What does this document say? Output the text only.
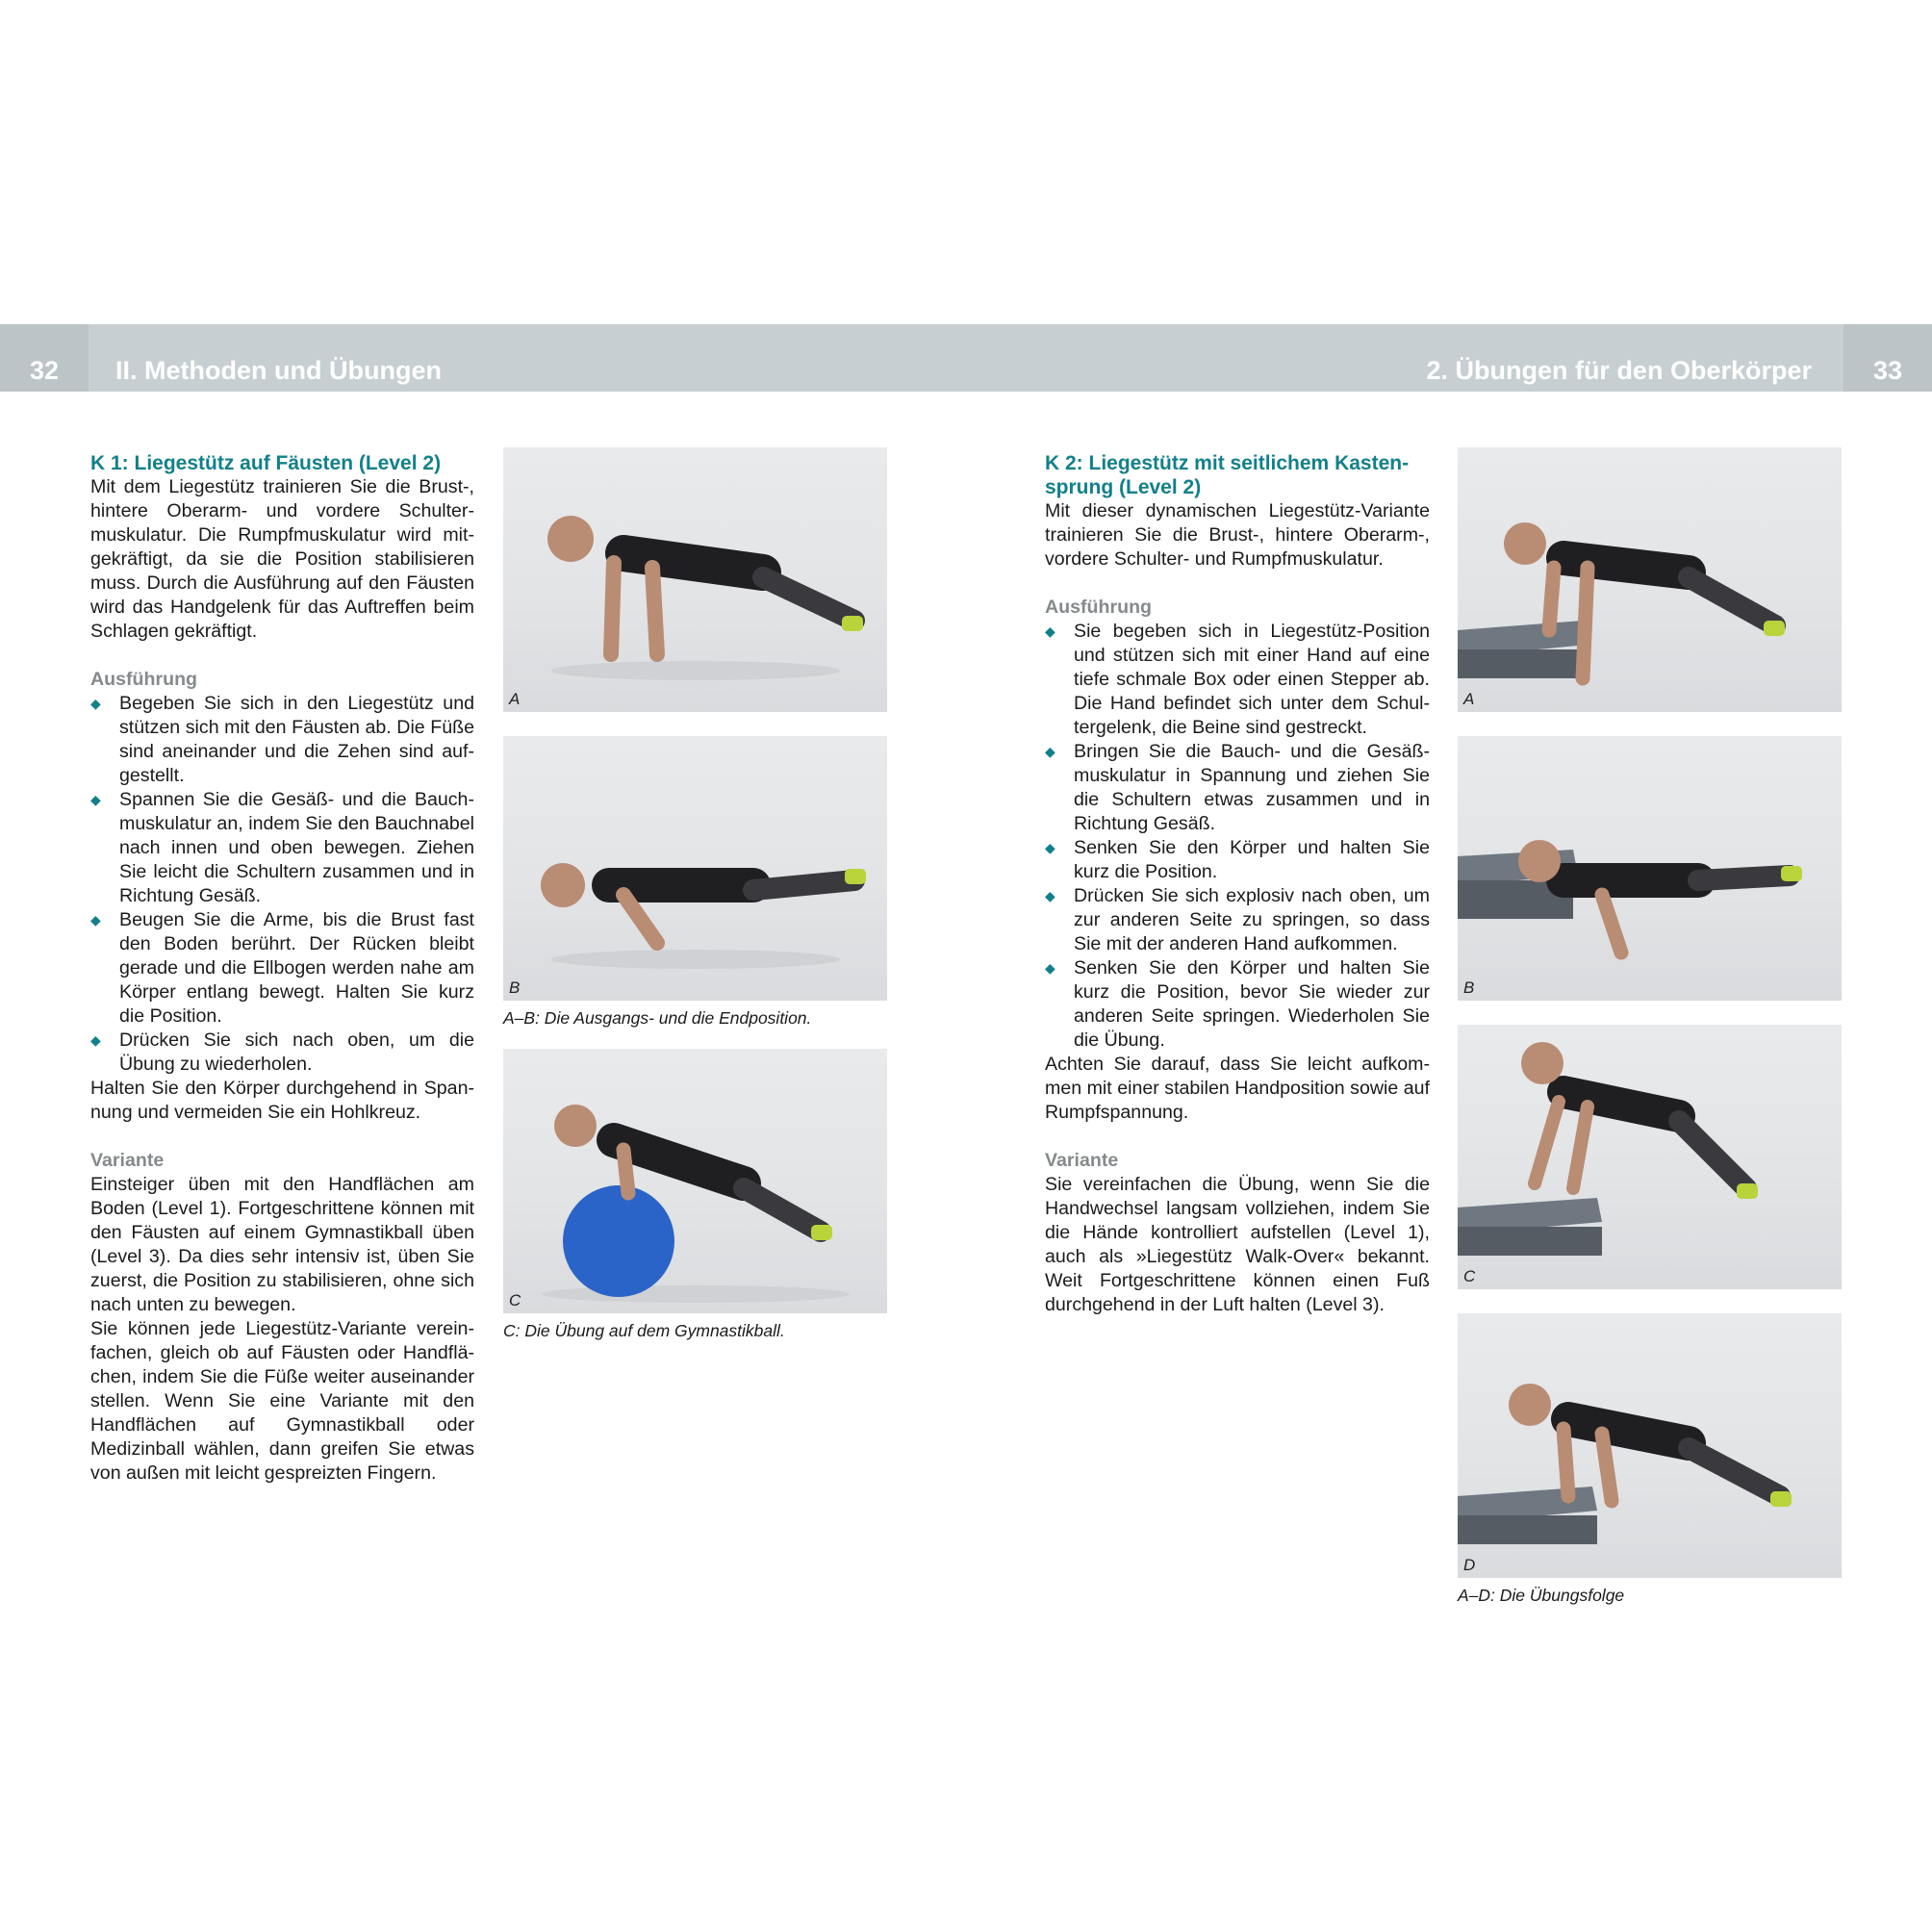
32	II. Methoden und Übungen	2. Übungen für den Oberkörper	33
K 1: Liegestütz auf Fäusten (Level 2)

Mit dem Liegestütz trainieren Sie die Brust-, hintere Oberarm- und vordere Schultermuskulatur. Die Rumpfmuskulatur wird mitgekräftigt, da sie die Position stabilisieren muss. Durch die Ausführung auf den Fäusten wird das Handgelenk für das Auftreffen beim Schlagen gekräftigt.

Ausführung
◆ Begeben Sie sich in den Liegestütz und stützen sich mit den Fäusten ab. Die Füße sind aneinander und die Zehen sind aufgestellt.
◆ Spannen Sie die Gesäß- und die Bauchmuskulatur an, indem Sie den Bauchnabel nach innen und oben bewegen. Ziehen Sie leicht die Schultern zusammen und in Richtung Gesäß.
◆ Beugen Sie die Arme, bis die Brust fast den Boden berührt. Der Rücken bleibt gerade und die Ellbogen werden nahe am Körper entlang bewegt. Halten Sie kurz die Position.
◆ Drücken Sie sich nach oben, um die Übung zu wiederholen.

Halten Sie den Körper durchgehend in Spannung und vermeiden Sie ein Hohlkreuz.

Variante

Einsteiger üben mit den Handflächen am Boden (Level 1). Fortgeschrittene können mit den Fäusten auf einem Gymnastikball üben (Level 3). Da dies sehr intensiv ist, üben Sie zuerst, die Position zu stabilisieren, ohne sich nach unten zu bewegen.

Sie können jede Liegestütz-Variante vereinfachen, gleich ob auf Fäusten oder Handflächen, indem Sie die Füße weiter auseinander stellen. Wenn Sie eine Variante mit den Handflächen auf Gymnastikball oder Medizinball wählen, dann greifen Sie etwas von außen mit leicht gespreizten Fingern.

A
B
A–B: Die Ausgangs- und die Endposition.
C
C: Die Übung auf dem Gymnastikball.
K 2: Liegestütz mit seitlichem Kastensprung (Level 2)

Mit dieser dynamischen Liegestütz-Variante trainieren Sie die Brust-, hintere Oberarm-, vordere Schulter- und Rumpfmuskulatur.

Ausführung
◆ Sie begeben sich in Liegestütz-Position und stützen sich mit einer Hand auf eine tiefe schmale Box oder einen Stepper ab. Die Hand befindet sich unter dem Schultergelenk, die Beine sind gestreckt.
◆ Bringen Sie die Bauch- und die Gesäßmuskulatur in Spannung und ziehen Sie die Schultern etwas zusammen und in Richtung Gesäß.
◆ Senken Sie den Körper und halten Sie kurz die Position.
◆ Drücken Sie sich explosiv nach oben, um zur anderen Seite zu springen, so dass Sie mit der anderen Hand aufkommen.
◆ Senken Sie den Körper und halten Sie kurz die Position, bevor Sie wieder zur anderen Seite springen. Wiederholen Sie die Übung.

Achten Sie darauf, dass Sie leicht aufkommen mit einer stabilen Handposition sowie auf Rumpfspannung.

Variante

Sie vereinfachen die Übung, wenn Sie die Handwechsel langsam vollziehen, indem Sie die Hände kontrolliert aufstellen (Level 1), auch als »Liegestütz Walk-Over« bekannt. Weit Fortgeschrittene können einen Fuß durchgehend in der Luft halten (Level 3).

A
B
C
D
A–D: Die Übungsfolge
